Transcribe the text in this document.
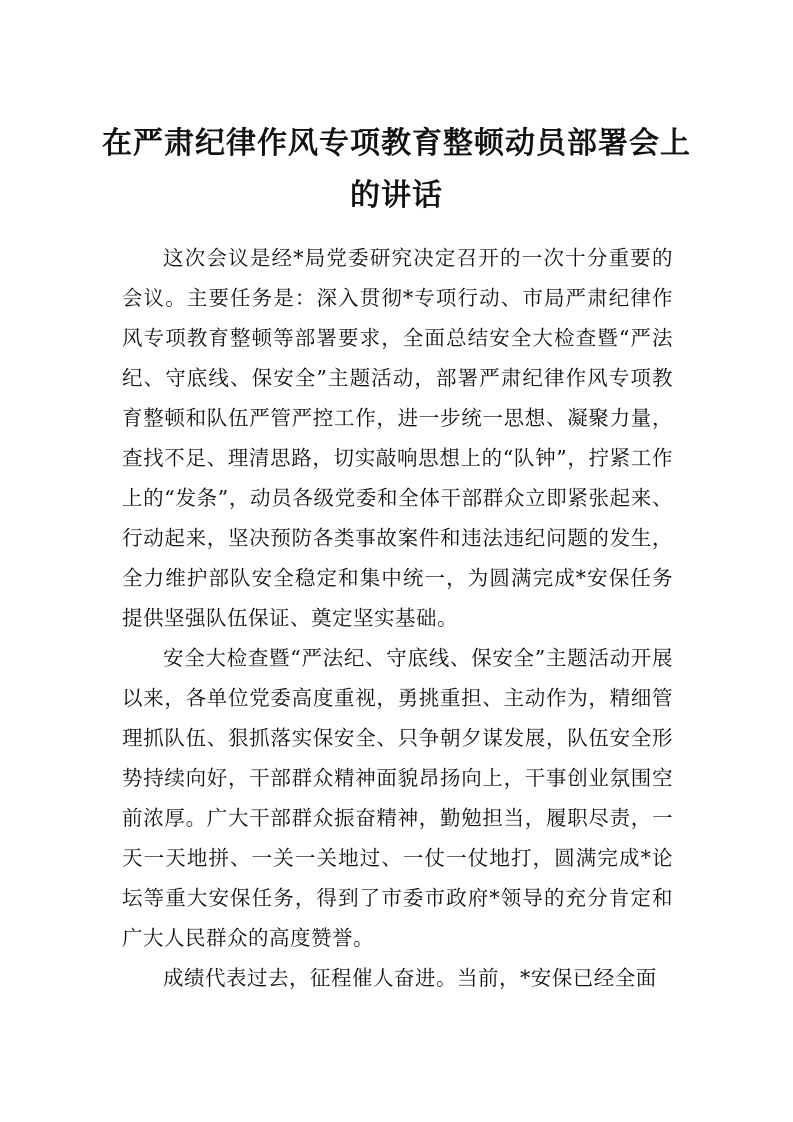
在严肃纪律作风专项教育整顿动员部署会上的讲话

这次会议是经*局党委研究决定召开的一次十分重要的会议。主要任务是：深入贯彻*专项行动、市局严肃纪律作风专项教育整顿等部署要求，全面总结安全大检查暨“严法纪、守底线、保安全”主题活动，部署严肃纪律作风专项教育整顿和队伍严管严控工作，进一步统一思想、凝聚力量，查找不足、理清思路，切实敲响思想上的“队钟”，拧紧工作上的“发条”，动员各级党委和全体干部群众立即紧张起来、行动起来，坚决预防各类事故案件和违法违纪问题的发生，全力维护部队安全稳定和集中统一，为圆满完成*安保任务提供坚强队伍保证、奠定坚实基础。

安全大检查暨“严法纪、守底线、保安全”主题活动开展以来，各单位党委高度重视，勇挑重担、主动作为，精细管理抓队伍、狠抓落实保安全、只争朝夕谋发展，队伍安全形势持续向好，干部群众精神面貌昂扬向上，干事创业氛围空前浓厚。广大干部群众振奋精神，勤勉担当，履职尽责，一天一天地拼、一关一关地过、一仗一仗地打，圆满完成*论坛等重大安保任务，得到了市委市政府*领导的充分肯定和广大人民群众的高度赞誉。

成绩代表过去，征程催人奋进。当前，*安保已经全面
